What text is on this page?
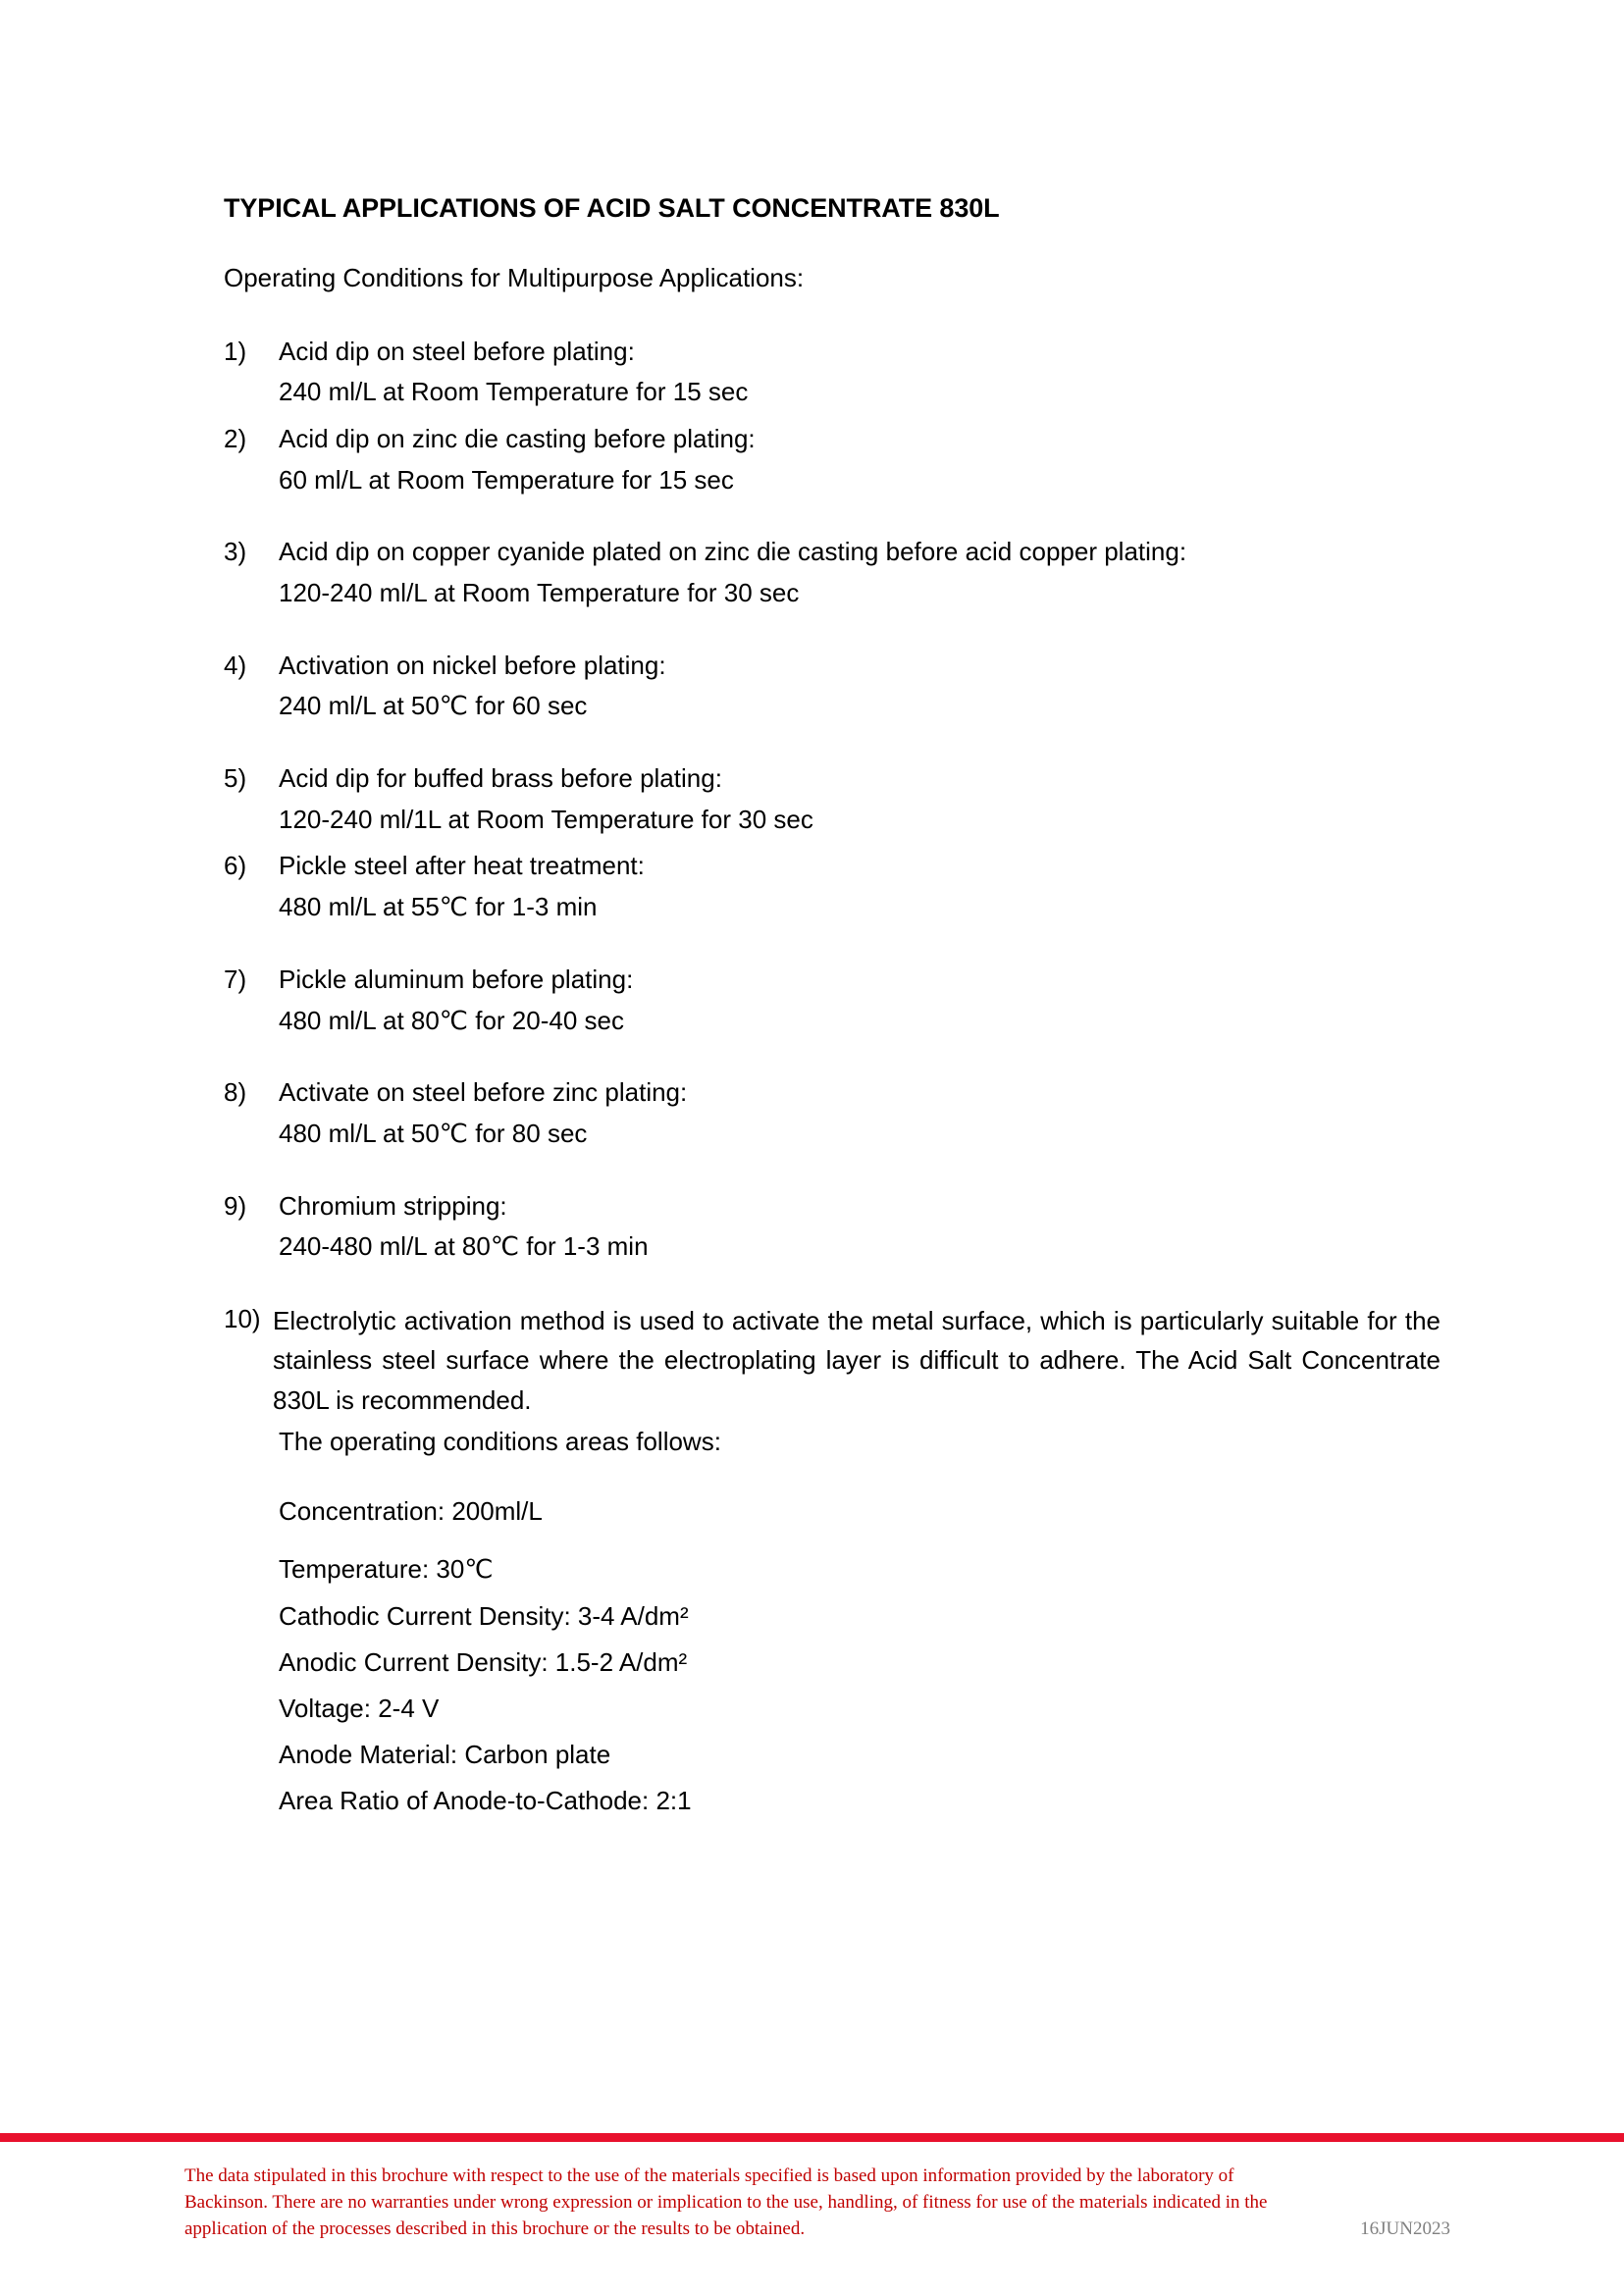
TYPICAL APPLICATIONS OF ACID SALT CONCENTRATE 830L

Operating Conditions for Multipurpose Applications:

1)	Acid dip on steel before plating:

240 ml/L at Room Temperature for 15 sec

2)	Acid dip on zinc die casting before plating:

60 ml/L at Room Temperature for 15 sec

3)	Acid dip on copper cyanide plated on zinc die casting before acid copper plating:

120-240 ml/L at Room Temperature for 30 sec

4)	Activation on nickel before plating:

240 ml/L at 50℃ for 60 sec

5)	Acid dip for buffed brass before plating:

120-240 ml/1L at Room Temperature for 30 sec

6)	Pickle steel after heat treatment:

480 ml/L at 55℃ for 1-3 min

7)	Pickle aluminum before plating:

480 ml/L at 80℃ for 20-40 sec

8)	Activate on steel before zinc plating:

480 ml/L at 50℃ for 80 sec

9)	Chromium stripping:

240-480 ml/L at 80℃ for 1-3 min

10) Electrolytic activation method is used to activate the metal surface, which is particularly suitable for the stainless steel surface where the electroplating layer is difficult to adhere. The Acid Salt Concentrate 830L is recommended.

The operating conditions areas follows:

Concentration: 200ml/L

Temperature: 30℃

Cathodic Current Density: 3-4 A/dm²

Anodic Current Density: 1.5-2 A/dm²

Voltage: 2-4 V

Anode Material: Carbon plate

Area Ratio of Anode-to-Cathode: 2:1

The data stipulated in this brochure with respect to the use of the materials specified is based upon information provided by the laboratory of

Backinson. There are no warranties under wrong expression or implication to the use, handling, of fitness for use of the materials indicated in the

application of the processes described in this brochure or the results to be obtained.	16JUN2023
